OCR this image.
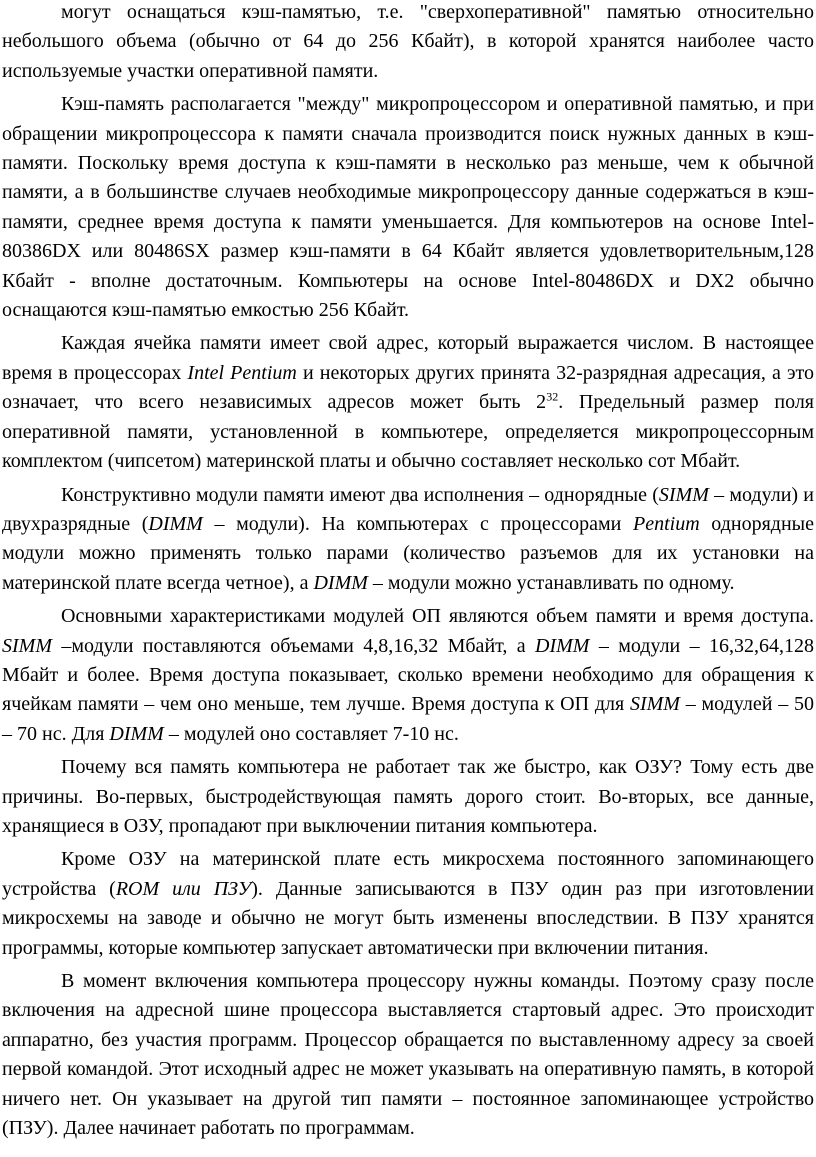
могут оснащаться кэш-памятью, т.е. "сверхоперативной" памятью относительно небольшого объема (обычно от 64 до 256 Кбайт), в которой хранятся наиболее часто используемые участки оперативной памяти.

Кэш-память располагается "между" микропроцессором и оперативной памятью, и при обращении микропроцессора к памяти сначала производится поиск нужных данных в кэш-памяти. Поскольку время доступа к кэш-памяти в несколько раз меньше, чем к обычной памяти, а в большинстве случаев необходимые микропроцессору данные содержаться в кэш-памяти, среднее время доступа к памяти уменьшается. Для компьютеров на основе Intel-80386DX или 80486SX размер кэш-памяти в 64 Кбайт является удовлетворительным,128 Кбайт - вполне достаточным. Компьютеры на основе Intel-80486DX и DX2 обычно оснащаются кэш-памятью емкостью 256 Кбайт.

Каждая ячейка памяти имеет свой адрес, который выражается числом. В настоящее время в процессорах Intel Pentium и некоторых других принята 32-разрядная адресация, а это означает, что всего независимых адресов может быть $2^{32}$. Предельный размер поля оперативной памяти, установленной в компьютере, определяется микропроцессорным комплектом (чипсетом) материнской платы и обычно составляет несколько сот Мбайт.

Конструктивно модули памяти имеют два исполнения – однорядные (SIMM – модули) и двухразрядные (DIMM – модули). На компьютерах с процессорами Pentium однорядные модули можно применять только парами (количество разъемов для их установки на материнской плате всегда четное), а DIMM – модули можно устанавливать по одному.

Основными характеристиками модулей ОП являются объем памяти и время доступа. SIMM –модули поставляются объемами 4,8,16,32 Мбайт, а DIMM – модули – 16,32,64,128 Мбайт и более. Время доступа показывает, сколько времени необходимо для обращения к ячейкам памяти – чем оно меньше, тем лучше. Время доступа к ОП для SIMM – модулей – 50 – 70 нс. Для DIMM – модулей оно составляет 7-10 нс.

Почему вся память компьютера не работает так же быстро, как ОЗУ? Тому есть две причины. Во-первых, быстродействующая память дорого стоит. Во-вторых, все данные, хранящиеся в ОЗУ, пропадают при выключении питания компьютера.

Кроме ОЗУ на материнской плате есть микросхема постоянного запоминающего устройства (ROM или ПЗУ). Данные записываются в ПЗУ один раз при изготовлении микросхемы на заводе и обычно не могут быть изменены впоследствии. В ПЗУ хранятся программы, которые компьютер запускает автоматически при включении питания.

В момент включения компьютера процессору нужны команды. Поэтому сразу после включения на адресной шине процессора выставляется стартовый адрес. Это происходит аппаратно, без участия программ. Процессор обращается по выставленному адресу за своей первой командой. Этот исходный адрес не может указывать на оперативную память, в которой ничего нет. Он указывает на другой тип памяти – постоянное запоминающее устройство (ПЗУ). Далее начинает работать по программам.
